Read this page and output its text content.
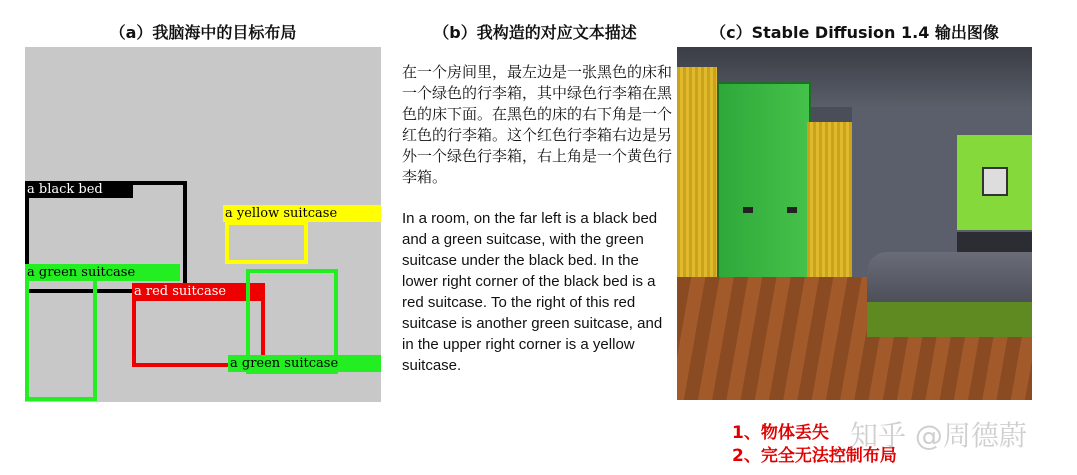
（a）我脑海中的目标布局	（b）我构造的对应文本描述	（c）Stable Diffusion 1.4 输出图像
a black bed
a yellow suitcase
a green suitcase
a red suitcase
a green suitcase

在一个房间里，最左边是一张黑色的床和一个绿色的行李箱，其中绿色行李箱在黑色的床下面。在黑色的床的右下角是一个红色的行李箱。这个红色行李箱右边是另外一个绿色行李箱，右上角是一个黄色行李箱。

In a room, on the far left is a black bed and a green suitcase, with the green suitcase under the black bed. In the lower right corner of the black bed is a red suitcase. To the right of this red suitcase is another green suitcase, and in the upper right corner is a yellow suitcase.

1、物体丢失
2、完全无法控制布局
知乎 @周德蔚
